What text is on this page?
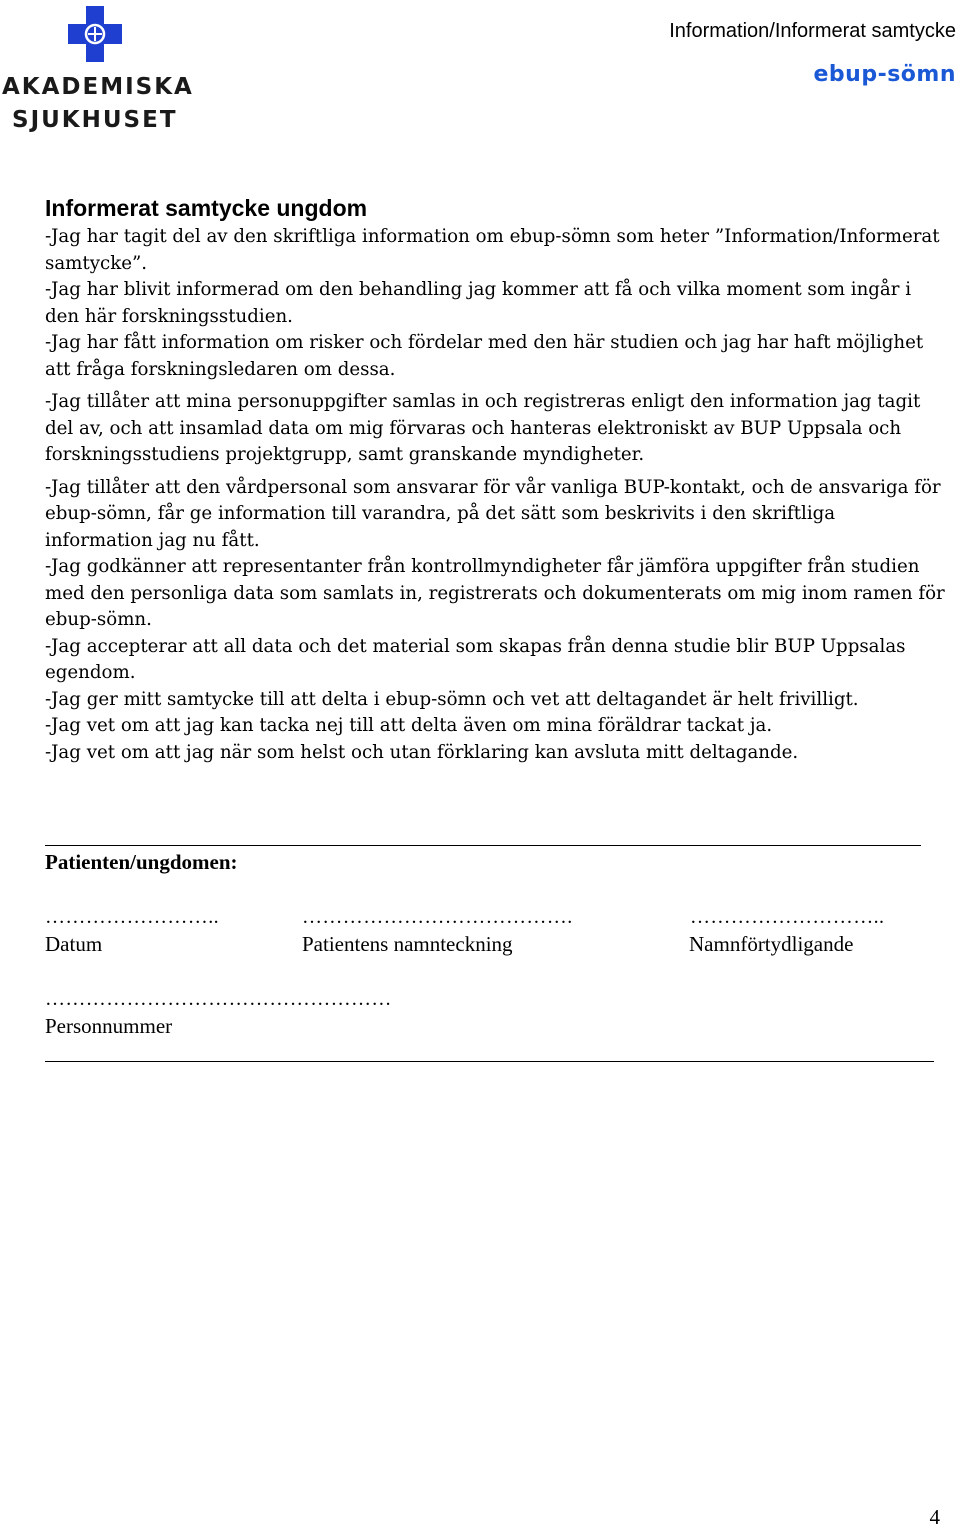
AKADEMISKA
SJUKHUSET
Information/Informerat samtycke
ebup-sömn
Informerat samtycke ungdom

-Jag har tagit del av den skriftliga information om ebup-sömn som heter ”Information/Informerat samtycke”.

-Jag har blivit informerad om den behandling jag kommer att få och vilka moment som ingår i den här forskningsstudien.

-Jag har fått information om risker och fördelar med den här studien och jag har haft möjlighet att fråga forskningsledaren om dessa.

-Jag tillåter att mina personuppgifter samlas in och registreras enligt den information jag tagit del av, och att insamlad data om mig förvaras och hanteras elektroniskt av BUP Uppsala och forskningsstudiens projektgrupp, samt granskande myndigheter.

-Jag tillåter att den vårdpersonal som ansvarar för vår vanliga BUP-kontakt, och de ansvariga för ebup-sömn, får ge information till varandra, på det sätt som beskrivits i den skriftliga information jag nu fått.

-Jag godkänner att representanter från kontrollmyndigheter får jämföra uppgifter från studien med den personliga data som samlats in, registrerats och dokumenterats om mig inom ramen för ebup-sömn.

-Jag accepterar att all data och det material som skapas från denna studie blir BUP Uppsalas egendom.

-Jag ger mitt samtycke till att delta i ebup-sömn och vet att deltagandet är helt frivilligt.

-Jag vet om att jag kan tacka nej till att delta även om mina föräldrar tackat ja.

-Jag vet om att jag när som helst och utan förklaring kan avsluta mitt deltagande.

Patienten/ungdomen:
……………………..	………………………………….	………………………..
Datum	Patientens namnteckning	Namnförtydligande
……………………………………………
Personnummer
4
